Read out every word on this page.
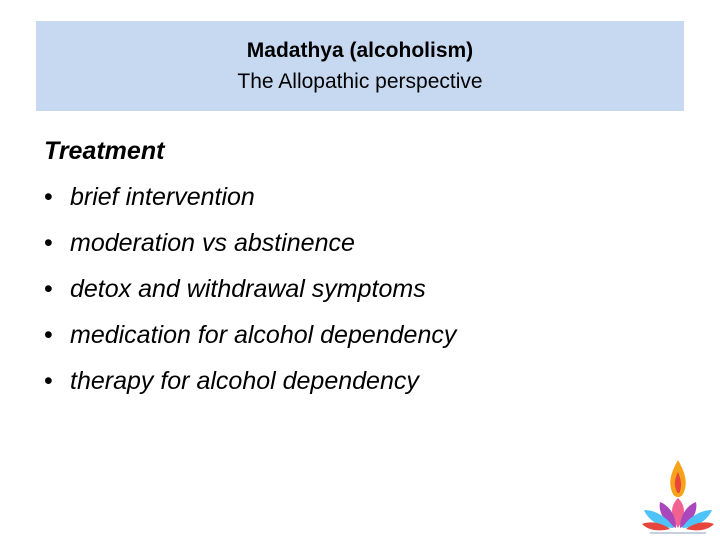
Madathya (alcoholism)
The Allopathic perspective
Treatment
• brief intervention
• moderation vs abstinence
• detox and withdrawal symptoms
• medication for alcohol dependency
• therapy for alcohol dependency
